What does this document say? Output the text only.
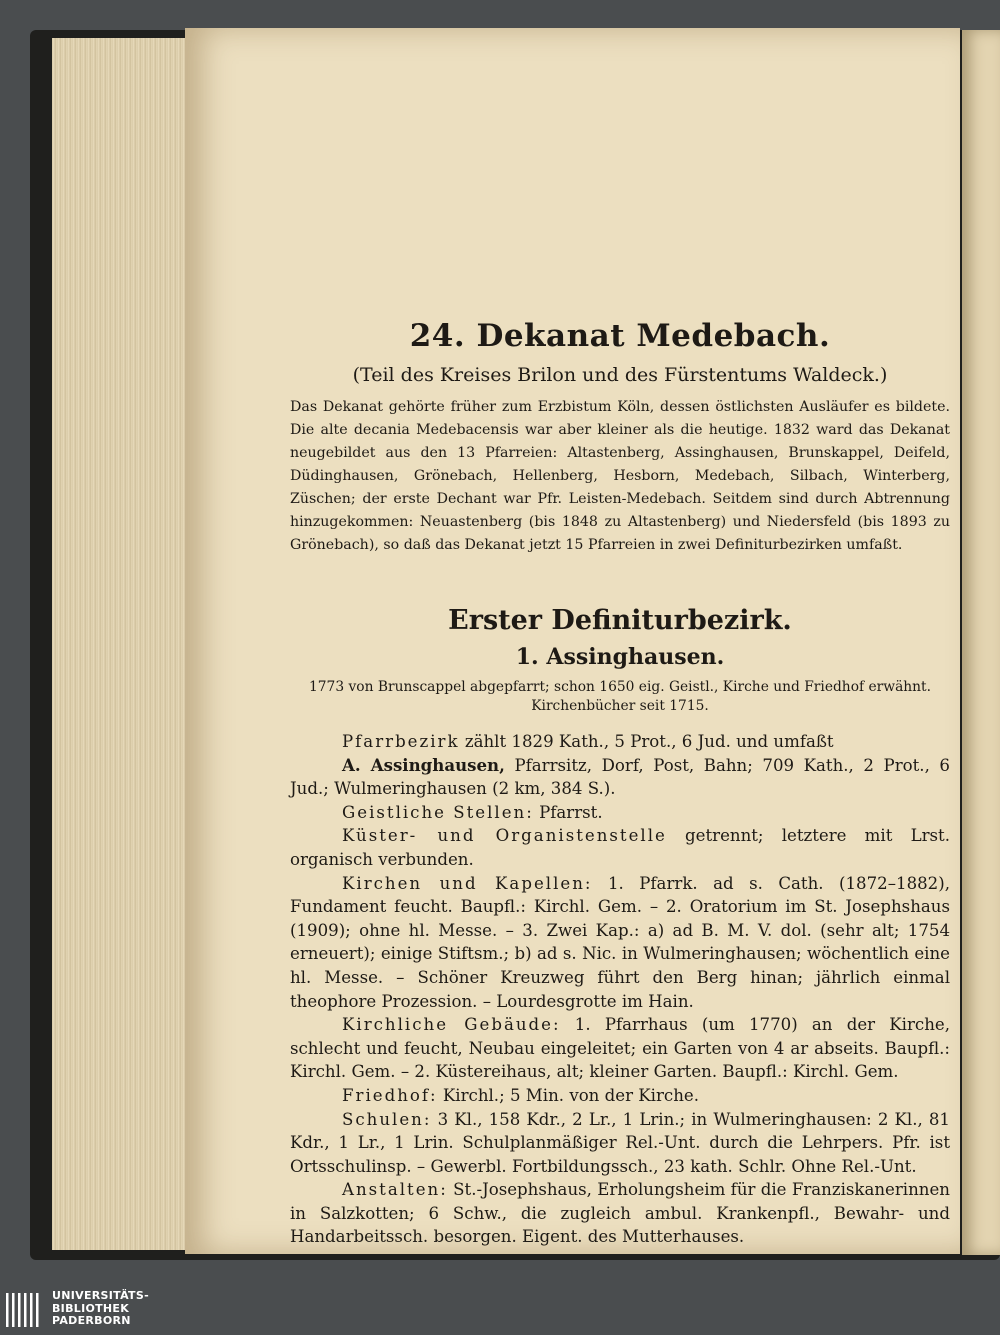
24. Dekanat Medebach.
(Teil des Kreises Brilon und des Fürstentums Waldeck.)

Das Dekanat gehörte früher zum Erzbistum Köln, dessen östlichsten Ausläufer es bildete. Die alte decania Medebacensis war aber kleiner als die heutige. 1832 ward das Dekanat neugebildet aus den 13 Pfarreien: Altastenberg, Assinghausen, Brunskappel, Deifeld, Düdinghausen, Grönebach, Hellenberg, Hesborn, Medebach, Silbach, Winterberg, Züschen; der erste Dechant war Pfr. Leisten-Medebach. Seitdem sind durch Abtrennung hinzugekommen: Neuastenberg (bis 1848 zu Altastenberg) und Niedersfeld (bis 1893 zu Grönebach), so daß das Dekanat jetzt 15 Pfarreien in zwei Definiturbezirken umfaßt.

Erster Definiturbezirk.
1. Assinghausen.
1773 von Brunscappel abgepfarrt; schon 1650 eig. Geistl., Kirche und Friedhof erwähnt. Kirchenbücher seit 1715.

Pfarrbezirk zählt 1829 Kath., 5 Prot., 6 Jud. und umfaßt

A. Assinghausen, Pfarrsitz, Dorf, Post, Bahn; 709 Kath., 2 Prot., 6 Jud.; Wulmeringhausen (2 km, 384 S.).

Geistliche Stellen: Pfarrst.

Küster- und Organistenstelle getrennt; letztere mit Lrst. organisch verbunden.

Kirchen und Kapellen: 1. Pfarrk. ad s. Cath. (1872–1882), Fundament feucht. Baupfl.: Kirchl. Gem. – 2. Oratorium im St. Josephshaus (1909); ohne hl. Messe. – 3. Zwei Kap.: a) ad B. M. V. dol. (sehr alt; 1754 erneuert); einige Stiftsm.; b) ad s. Nic. in Wulmeringhausen; wöchentlich eine hl. Messe. – Schöner Kreuzweg führt den Berg hinan; jährlich einmal theophore Prozession. – Lourdesgrotte im Hain.

Kirchliche Gebäude: 1. Pfarrhaus (um 1770) an der Kirche, schlecht und feucht, Neubau eingeleitet; ein Garten von 4 ar abseits. Baupfl.: Kirchl. Gem. – 2. Küstereihaus, alt; kleiner Garten. Baupfl.: Kirchl. Gem.

Friedhof: Kirchl.; 5 Min. von der Kirche.

Schulen: 3 Kl., 158 Kdr., 2 Lr., 1 Lrin.; in Wulmeringhausen: 2 Kl., 81 Kdr., 1 Lr., 1 Lrin. Schulplanmäßiger Rel.-Unt. durch die Lehrpers. Pfr. ist Ortsschulinsp. – Gewerbl. Fortbildungssch., 23 kath. Schlr. Ohne Rel.-Unt.

Anstalten: St.-Josephshaus, Erholungsheim für die Franziskanerinnen in Salzkotten; 6 Schw., die zugleich ambul. Krankenpfl., Bewahr- und Handarbeitssch. besorgen. Eigent. des Mutterhauses.

UNIVERSITÄTS-
BIBLIOTHEK
PADERBORN
